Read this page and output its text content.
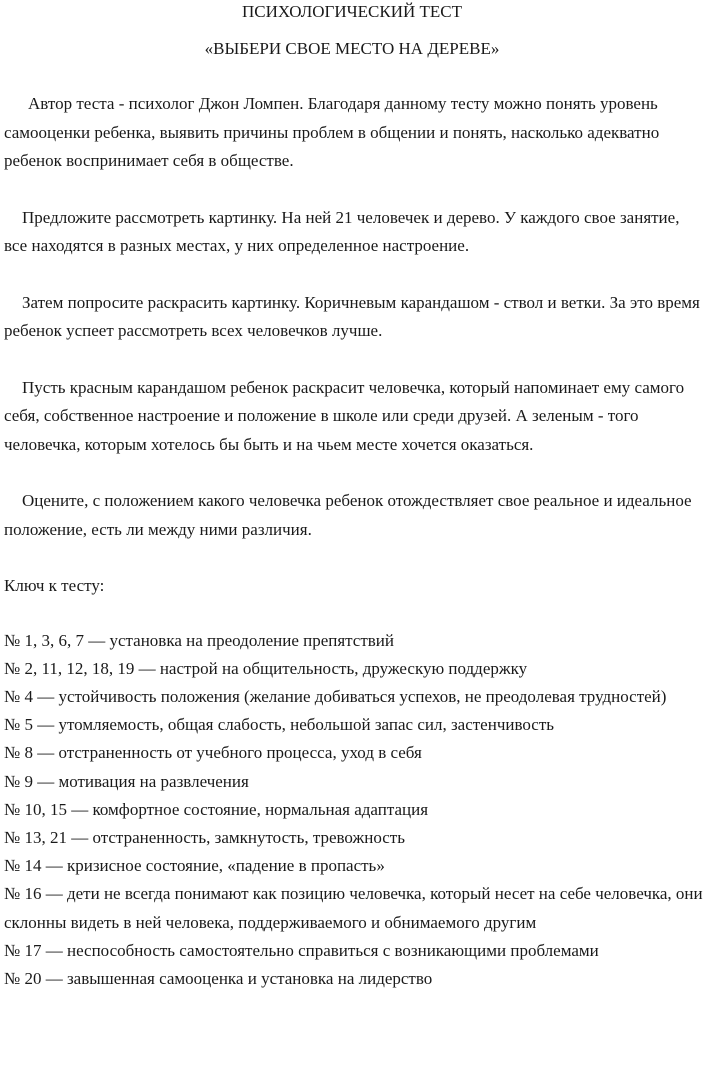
ПСИХОЛОГИЧЕСКИЙ ТЕСТ
«ВЫБЕРИ СВОЕ МЕСТО НА ДЕРЕВЕ»

Автор теста - психолог Джон Ломпен. Благодаря данному тесту можно понять уровень самооценки ребенка, выявить причины проблем в общении и понять, насколько адекватно ребенок воспринимает себя в обществе.

Предложите рассмотреть картинку. На ней 21 человечек и дерево. У каждого свое занятие, все находятся в разных местах, у них определенное настроение.

Затем попросите раскрасить картинку. Коричневым карандашом - ствол и ветки. За это время ребенок успеет рассмотреть всех человечков лучше.

Пусть красным карандашом ребенок раскрасит человечка, который напоминает ему самого себя, собственное настроение и положение в школе или среди друзей. А зеленым - того человечка, которым хотелось бы быть и на чьем месте хочется оказаться.

Оцените, с положением какого человечка ребенок отождествляет свое реальное и идеальное положение, есть ли между ними различия.

Ключ к тесту:

№ 1, 3, 6, 7 — установка на преодоление препятствий
№ 2, 11, 12, 18, 19 — настрой на общительность, дружескую поддержку
№ 4 — устойчивость положения (желание добиваться успехов, не преодолевая трудностей)
№ 5 — утомляемость, общая слабость, небольшой запас сил, застенчивость
№ 8 — отстраненность от учебного процесса, уход в себя
№ 9 — мотивация на развлечения
№ 10, 15 — комфортное состояние, нормальная адаптация
№ 13, 21 — отстраненность, замкнутость, тревожность
№ 14 — кризисное состояние, «падение в пропасть»
№ 16 — дети не всегда понимают как позицию человечка, который несет на себе человечка, они склонны видеть в ней человека, поддерживаемого и обнимаемого другим
№ 17 — неспособность самостоятельно справиться с возникающими проблемами
№ 20 — завышенная самооценка и установка на лидерство
